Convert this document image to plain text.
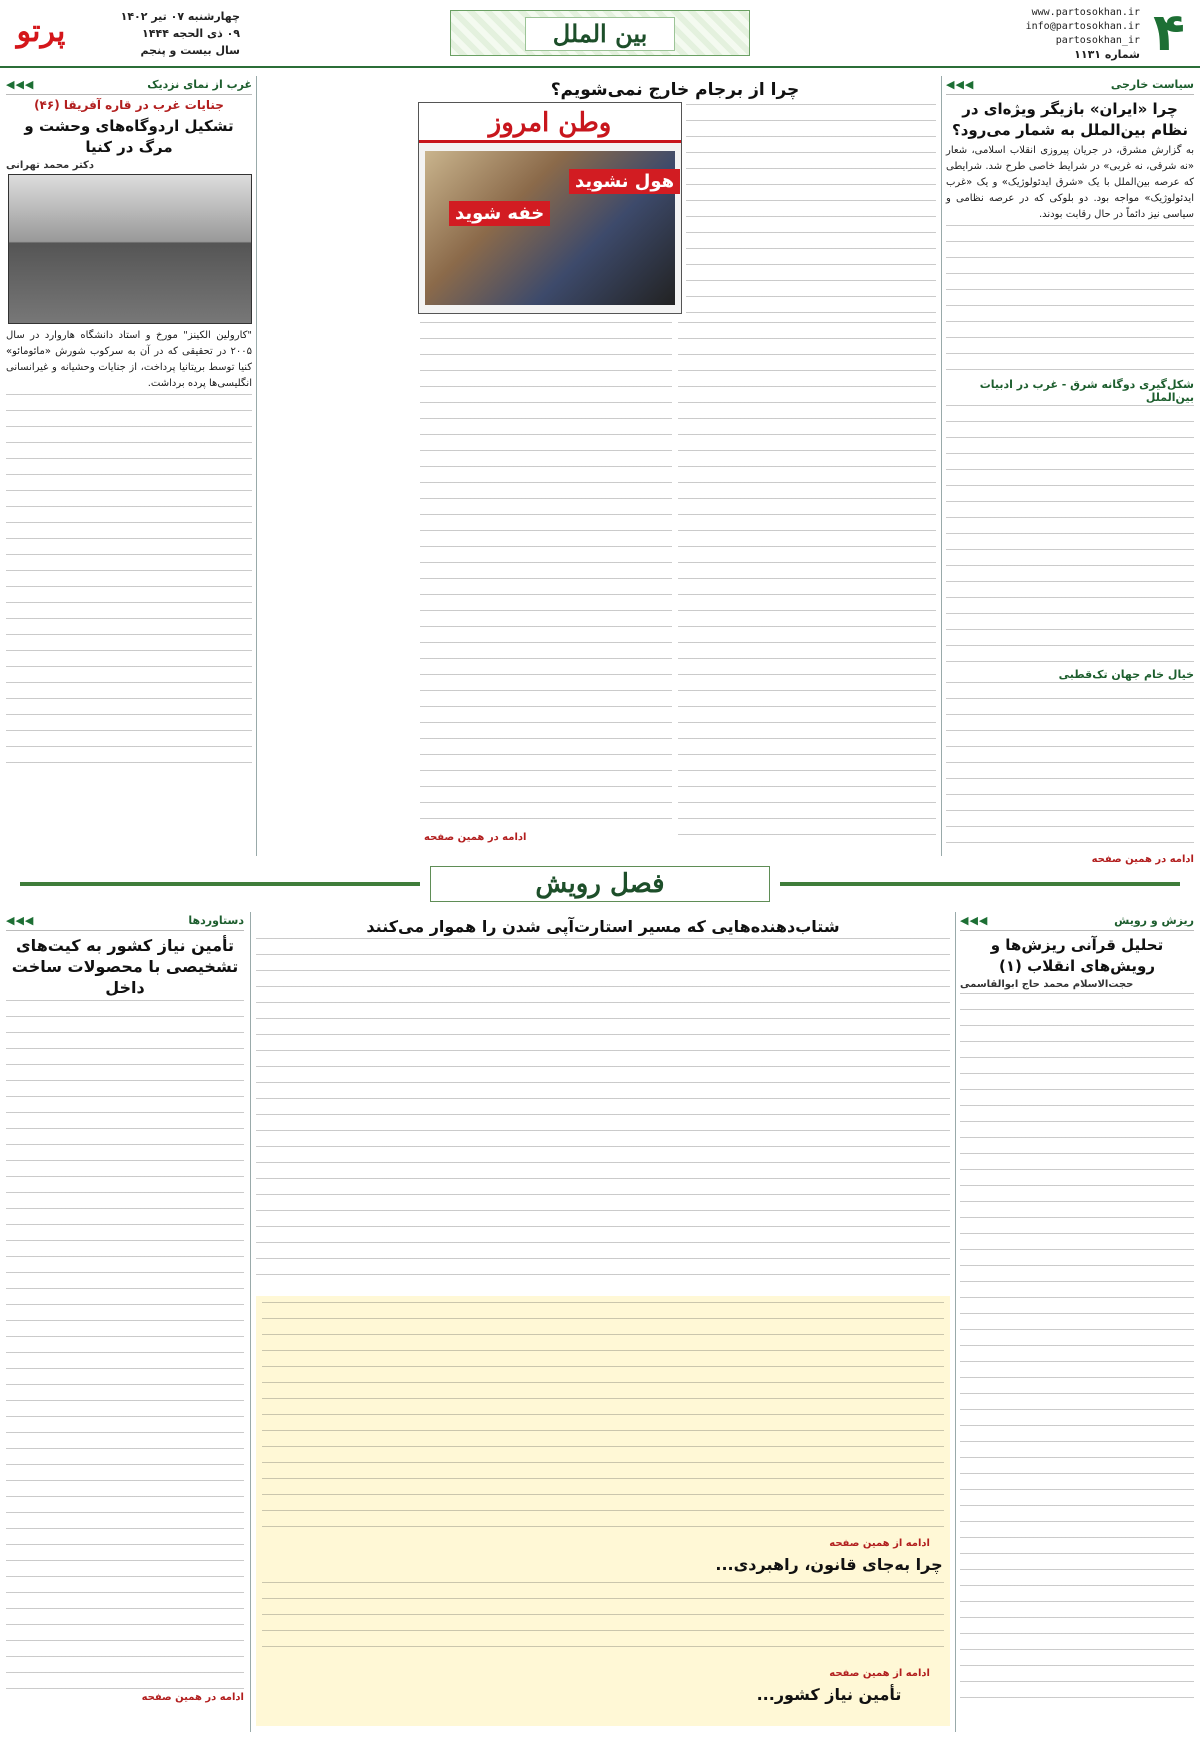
۴
www.partosokhan.ir
info@partosokhan.ir
partosokhan_ir
شماره ۱۱۳۱
بین الملل
چهارشنبه ۰۷ تیر ۱۴۰۲
۰۹ ذی الحجه ۱۴۴۴
سال بیست و پنجم
پرتو
سیاست خارجی
◀◀◀
چرا «ایران» بازیگر ویژه‌ای در نظام بین‌الملل به شمار می‌رود؟
به گزارش مشرق، در جریان پیروزی انقلاب اسلامی، شعار «نه شرقی، نه غربی» در شرایط خاصی طرح شد. شرایطی که عرصه بین‌الملل با یک «شرق ایدئولوژیک» و یک «غرب ایدئولوژیک» مواجه بود. دو بلوکی که در عرصه نظامی و سیاسی نیز دائماً در حال رقابت بودند.
شکل‌گیری دوگانه شرق - غرب در ادبیات بین‌الملل
خیال خام جهان تک‌قطبی
ادامه در همین صفحه
چرا از برجام خارج نمی‌شویم؟
وطن امروز
هول نشوید
خفه شوید
ادامه در همین صفحه
غرب از نمای نزدیک
◀◀◀
جنایات غرب در قاره آفریقا (۴۶)
تشکیل اردوگاه‌های وحشت و مرگ در کنیا
دکتر محمد تهرانی
"کارولین الکینز" مورخ و استاد دانشگاه هاروارد در سال ۲۰۰۵ در تحقیقی که در آن به سرکوب شورش «مائومائو» کنیا توسط بریتانیا پرداخت، از جنایات وحشیانه و غیرانسانی انگلیسی‌ها پرده برداشت.
فصل رویش
ریزش و رویش
◀◀◀
تحلیل قرآنی ریزش‌ها و رویش‌های انقلاب (۱)
حجت‌الاسلام محمد حاج ابوالقاسمی
شتاب‌دهنده‌هایی که مسیر استارت‌آپی شدن را هموار می‌کنند
ادامه از همین صفحه
چرا به‌جای قانون، راهبردی...
ادامه از همین صفحه
تأمین نیاز کشور...
دستاوردها
◀◀◀
تأمین نیاز کشور به کیت‌های تشخیصی با محصولات ساخت داخل
ادامه در همین صفحه
